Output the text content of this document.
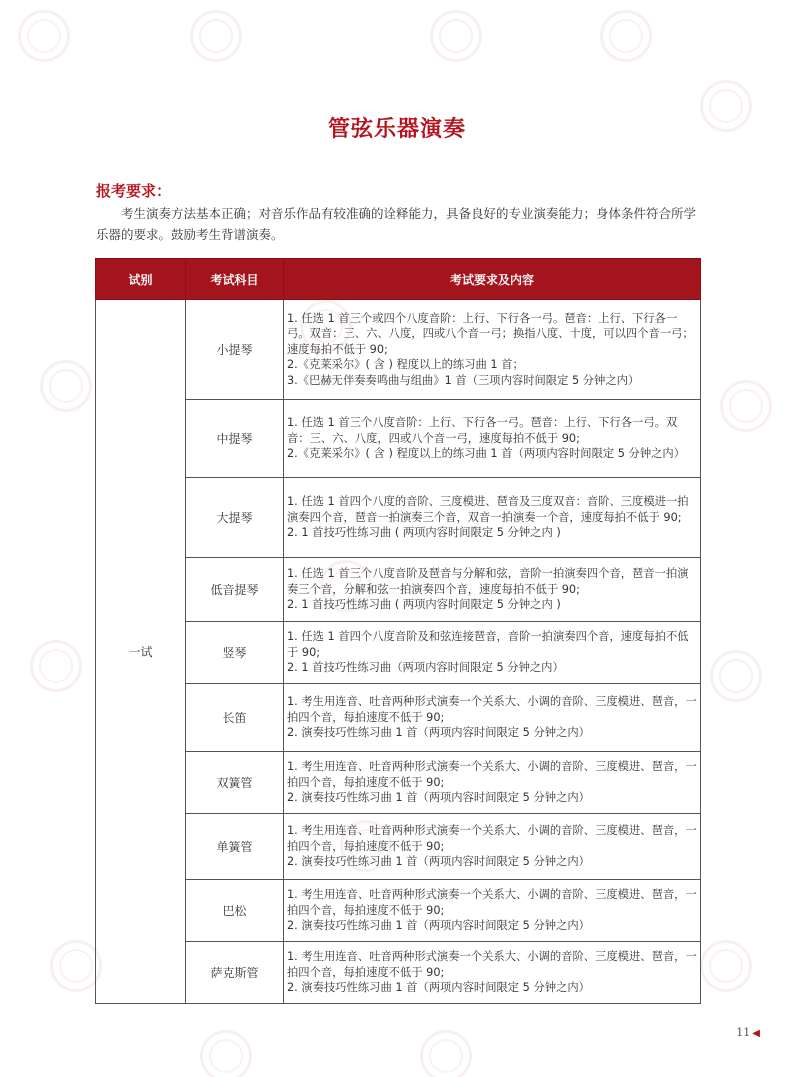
管弦乐器演奏
报考要求：

考生演奏方法基本正确；对音乐作品有较准确的诠释能力，具备良好的专业演奏能力；身体条件符合所学乐器的要求。鼓励考生背谱演奏。

试别	考试科目	考试要求及内容
一试	小提琴	1. 任选 1 首三个或四个八度音阶：上行、下行各一弓。琶音：上行、下行各一弓。双音：三、六、八度，四或八个音一弓；换指八度、十度，可以四个音一弓；速度每拍不低于 90;
2.《克莱采尔》( 含 ) 程度以上的练习曲 1 首；
3.《巴赫无伴奏奏鸣曲与组曲》1 首（三项内容时间限定 5 分钟之内）

	中提琴	1. 任选 1 首三个八度音阶：上行、下行各一弓。琶音：上行、下行各一弓。双音：三、六、八度，四或八个音一弓，速度每拍不低于 90;
2.《克莱采尔》( 含 ) 程度以上的练习曲 1 首（两项内容时间限定 5 分钟之内）

	大提琴	1. 任选 1 首四个八度的音阶、三度模进、琶音及三度双音：音阶、三度模进一拍演奏四个音，琶音一拍演奏三个音，双音一拍演奏一个音，速度每拍不低于 90;
2. 1 首技巧性练习曲 ( 两项内容时间限定 5 分钟之内 )

	低音提琴	1. 任选 1 首三个八度音阶及琶音与分解和弦，音阶一拍演奏四个音，琶音一拍演奏三个音，分解和弦一拍演奏四个音，速度每拍不低于 90;
2. 1 首技巧性练习曲 ( 两项内容时间限定 5 分钟之内 )

	竖琴	1. 任选 1 首四个八度音阶及和弦连接琶音，音阶一拍演奏四个音，速度每拍不低于 90;
2. 1 首技巧性练习曲（两项内容时间限定 5 分钟之内）

	长笛	1. 考生用连音、吐音两种形式演奏一个关系大、小调的音阶、三度模进、琶音，一拍四个音，每拍速度不低于 90;
2. 演奏技巧性练习曲 1 首（两项内容时间限定 5 分钟之内）

	双簧管	1. 考生用连音、吐音两种形式演奏一个关系大、小调的音阶、三度模进、琶音，一拍四个音，每拍速度不低于 90;
2. 演奏技巧性练习曲 1 首（两项内容时间限定 5 分钟之内）

	单簧管	1. 考生用连音、吐音两种形式演奏一个关系大、小调的音阶、三度模进、琶音，一拍四个音，每拍速度不低于 90;
2. 演奏技巧性练习曲 1 首（两项内容时间限定 5 分钟之内）

	巴松	1. 考生用连音、吐音两种形式演奏一个关系大、小调的音阶、三度模进、琶音，一拍四个音，每拍速度不低于 90;
2. 演奏技巧性练习曲 1 首（两项内容时间限定 5 分钟之内）

	萨克斯管	1. 考生用连音、吐音两种形式演奏一个关系大、小调的音阶、三度模进、琶音，一拍四个音，每拍速度不低于 90;
2. 演奏技巧性练习曲 1 首（两项内容时间限定 5 分钟之内）
11 ◀
